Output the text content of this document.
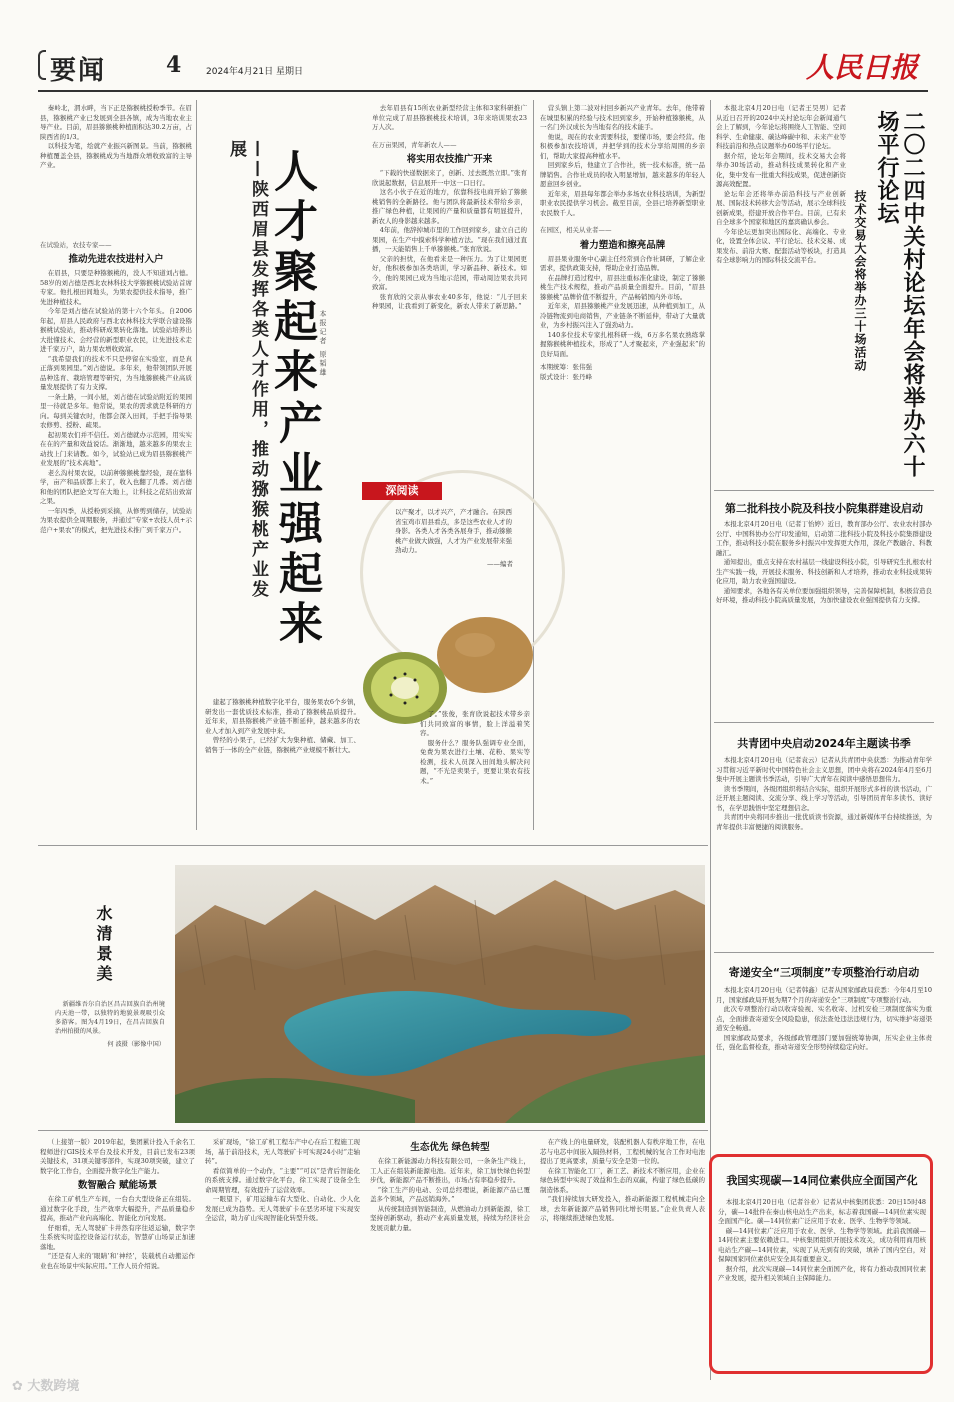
要闻	4	2024年4月21日 星期日	人民日报

秦岭北，渭水畔，当下正是猕猴桃授粉季节。在眉县，猕猴桃产业已发展到全县各镇，成为当地农业主导产业。目前，眉县猕猴桃种植面积达30.2万亩，占陕西省的1/3。

以科技为笔，绘就产业振兴新图景。当前，猕猴桃种植覆盖全县，猕猴桃成为当地群众增收致富的主导产业。

在试验站，农技专家——

推动先进农技进村入户

在眉县，只要是种猕猴桃的，没人不知道刘占德。58岁的刘占德是西北农林科技大学猕猴桃试验站首席专家。他扎根田间地头，为果农提供技术指导，推广先进种植技术。

今年是刘占德在试验站的第十六个年头。自2006年起，眉县人民政府与西北农林科技大学联合建设猕猴桃试验站，推动科研成果转化落地。试验站培养出大批懂技术、会经营的新型职业农民，让先进技术走进千家万户，助力果农增收致富。

“我希望我们的技术不只是停留在实验室，而是真正落到果园里。”刘占德说。多年来，他带领团队开展品种选育、栽培管理等研究，为当地猕猴桃产业高质量发展提供了有力支撑。

一条土路，一间小屋，刘占德在试验站附近的果园里一待就是多年。他常说，果农的需求就是科研的方向。每到关键农时，他都会深入田间，手把手指导果农修剪、授粉、疏果。

起初果农们并不信任。刘占德就办示范园，用实实在在的产量和效益说话。渐渐地，越来越多的果农主动找上门来请教。如今，试验站已成为眉县猕猴桃产业发展的“技术高地”。

老么沟村果农说，以前种猕猴桃靠经验，现在靠科学，亩产和品质都上来了，收入也翻了几番。刘占德和他的团队把论文写在大地上，让科技之花结出致富之果。

一年四季，从授粉到采摘，从修剪到储存，试验站为果农提供全周期服务，并通过“专家+农技人员+示范户+果农”的模式，把先进技术推广到千家万户。

人才聚起来
产业强起来
——陕西眉县发挥各类人才作用，推动猕猴桃产业发展
本报记者 原韬雄
深阅读
以产聚才，以才兴产，产才融合。在陕西省宝鸡市眉县看点，多是这些农业人才的身影。各类人才各类各展身手，推动猕猴桃产业做大做强，人才为产业发展带来强劲动力。
——编者

建起了猕猴桃种植数字化平台，服务果农6个乡镇，研发出一套优质技术标准，推动了猕猴桃品质提升。近年来，眉县猕猴桃产业链不断延伸，越来越多的农业人才加入到产业发展中来。

曾经的小果子，已经扩大为集种植、储藏、加工、销售于一体的全产业链，猕猴桃产业规模不断壮大。

去年眉县有15所农业新型经营主体和3家科研推广单位完成了眉县猕猴桃技术培训，3年来培训果农23万人次。

在万亩果园，青年新农人——

将实用农技推广开来

“下载的快递数据来了，创新、过去既然立即。”张育欣说起数据，信息展开一中这一口日行。

这名小伙子在近的地方，依靠科技电商开始了猕猴桃销售的全新路径。他与团队将最新技术带给乡亲，推广绿色种植，让果园的产量和质量都有明显提升，新农人的身影越来越多。

4年前，他辞掉城市里的工作回到家乡，建立自己的果园，在生产中摸索科学种植方法。“现在我们通过直播，一天能销售上千单猕猴桃。”张育欣说。

父亲的担忧，在他看来是一种压力。为了让果园更好，他积极参加各类培训，学习新品种、新技术。如今，他的果园已成为当地示范园，带动周边果农共同致富。

张育欣的父亲从事农业40多年，他说：“儿子回来种果园，让我看到了新变化，新农人带来了新思路。”

了。”张俊，张育欣说起技术带乡亲们共同致富的事情，脸上洋溢着笑容。

服务什么？服务队强调专业全面，免费为果农进行土壤、花粉、果实等检测，技术人员深入田间地头解决问题，“不光是卖果子，更要让果农有技术。”

营头镇上第二波对村回乡新兴产业青年。去年，他带着在城里积累的经验与技术回到家乡，开始种植猕猴桃，从一名门外汉成长为当地有名的技术能手。

他说，现在的农业需要科技，要懂市场，要会经营。他积极参加农技培训，并把学到的技术分享给周围的乡亲们，帮助大家提高种植水平。

回到家乡后，他建立了合作社，统一技术标准，统一品牌销售。合作社成员的收入明显增加，越来越多的年轻人愿意回乡创业。

近年来，眉县每年都会举办多场农业科技培训，为新型职业农民提供学习机会。截至目前，全县已培养新型职业农民数千人。

在园区，相关从业者——

着力塑造和擦亮品牌

眉县果业服务中心副主任经常到合作社调研，了解企业需求，提供政策支持，帮助企业打造品牌。

在品牌打造过程中，眉县注重标准化建设，制定了猕猴桃生产技术规程，推动产品质量全面提升。目前，“眉县猕猴桃”品牌价值不断提升，产品畅销国内外市场。

近年来，眉县猕猴桃产业发展迅速，从种植到加工，从冷链物流到电商销售，产业链条不断延伸，带动了大量就业，为乡村振兴注入了强劲动力。

140多位技术专家扎根科研一线，6万多名果农熟练掌握猕猴桃种植技术，形成了“人才聚起来，产业强起来”的良好局面。

本期统筹：张伟强

版式设计：张丹峰

水清景美

新疆维吾尔自治区昌吉回族自治州境内天池一带，以独特的地貌景观吸引众多游客。图为4月19日，在昌吉回族自治州拍摄的风景。

何 波摄（影像中国）

（上接第一版）2019年起，集团累计投入千余名工程师进行GIS技术平台及技术开发，目前已发布23项关键技术，31项关键零部件，实现30项突破，建立了数字化工作台，全面提升数字化生产能力。

数智融合 赋能场景

在徐工矿机生产车间，一台台大型设备正在组装。通过数字化手段，生产效率大幅提升，产品质量稳步提高，推动产业向高端化、智能化方向发展。

仔细看，无人驾驶矿卡井然有序往返运输，数字孪生系统实时监控设备运行状态，智慧矿山场景正加速落地。

“还是有人来的‘眼睛’和‘神经’，装载机自动搬运作业也在场景中实际应用。”工作人员介绍说。

采矿现场，“徐工矿机工程车产中心在后工程施工现场，基于前沿技术，无人驾驶矿卡可实现24小时“走轴转”。

看似简单的一个动作，“主要”“可以”是背后智能化的系统支撑。通过数字化平台，徐工实现了设备全生命周期管理，有效提升了运营效率。

一眼望下，矿用运输车有大型化、自动化、少人化发展已成为趋势。无人驾驶矿卡在恶劣环境下实现安全运营，助力矿山实现智能化转型升级。

生态优先 绿色转型

在徐工新能源动力科技有限公司，一条条生产线上，工人正在组装新能源电池。近年来，徐工加快绿色转型步伐，新能源产品不断推出，市场占有率稳步提升。

“徐工生产的电动、公司总经理说，新能源产品已覆盖多个领域，产品远销海外。”

从传统制造到智能制造，从燃油动力到新能源，徐工坚持创新驱动，推动产业高质量发展，持续为经济社会发展贡献力量。

在产线上的电量研发，装配机器人有秩序地工作，在电芯与电芯中间嵌入隔热材料，工程机械的复合工作对电池提出了更高要求，质量与安全是第一位的。

在徐工智能化工厂，新工艺、新技术不断应用，企业在绿色转型中实现了效益和生态的双赢，构建了绿色低碳的制造体系。

“我们持续加大研发投入，推动新能源工程机械走向全球，去年新能源产品销售同比增长明显。”企业负责人表示，将继续推进绿色发展。

二〇二四中关村论坛年会将举办六十场平行论坛
技术交易大会将举办三十场活动

本报北京4月20日电（记者王昊男）记者从近日召开的2024中关村论坛年会新闻通气会上了解到，今年论坛将围绕人工智能、空间科学、生命健康、碳达峰碳中和、未来产业等科技前沿和热点议题举办60场平行论坛。

据介绍，论坛年会期间，技术交易大会将举办30场活动，推动科技成果转化和产业化，集中发布一批重大科技成果，促进创新资源高效配置。

论坛年会还将举办前沿科技与产业创新展、国际技术转移大会等活动，展示全球科技创新成果，搭建开放合作平台。目前，已有来自全球多个国家和地区的嘉宾确认参会。

今年论坛更加突出国际化、高端化、专业化，设置全体会议、平行论坛、技术交易、成果发布、前沿大赛、配套活动等板块，打造具有全球影响力的国际科技交流平台。

第二批科技小院及科技小院集群建设启动

本报北京4月20日电（记者丁怡婷）近日，教育部办公厅、农业农村部办公厅、中国科协办公厅印发通知，启动第二批科技小院及科技小院集群建设工作，推动科技小院在服务乡村振兴中发挥更大作用，深化产教融合、科教融汇。

通知提出，重点支持在农村基层一线建设科技小院，引导研究生扎根农村生产实践一线，开展技术服务、科技创新和人才培养，推动农业科技成果转化应用，助力农业强国建设。

通知要求，各地各有关单位要加强组织领导，完善保障机制，积极营造良好环境，推动科技小院高质量发展，为加快建设农业强国提供有力支撑。

共青团中央启动2024年主题读书季

本报北京4月20日电（记者袁云）记者从共青团中央获悉：为推动青年学习贯彻习近平新时代中国特色社会主义思想，团中央将在2024年4月至6月集中开展主题读书季活动，引导广大青年在阅读中感悟思想伟力。

读书季期间，各级团组织将结合实际，组织开展形式多样的读书活动，广泛开展主题阅读、交流分享、线上学习等活动，引导团员青年多读书、读好书，在学思践悟中坚定理想信念。

共青团中央将同步推出一批优质读书资源，通过新媒体平台持续推送，为青年提供丰富便捷的阅读服务。

寄递安全“三项制度”专项整治行动启动

本报北京4月20日电（记者韩鑫）记者从国家邮政局获悉：今年4月至10月，国家邮政局开展为期7个月的寄递安全“三项制度”专项整治行动。

此次专项整治行动以收寄验视、实名收寄、过机安检三项制度落实为重点，全面排查寄递安全风险隐患，依法查处违法违规行为，切实维护寄递渠道安全畅通。

国家邮政局要求，各级邮政管理部门要加强统筹协调，压实企业主体责任，强化监督检查，推动寄递安全形势持续稳定向好。

我国实现碳—14同位素供应全面国产化

本报北京4月20日电（记者谷业）记者从中核集团获悉：20日15时48分，碳—14批件在秦山核电站生产出来，标志着我国碳—14同位素实现全面国产化。碳—14同位素广泛应用于农业、医学、生物学等领域。

碳—14同位素广泛应用于农业、医学、生物学等领域。此前我国碳—14同位素主要依赖进口。中核集团组织开展技术攻关，成功利用商用核电站生产碳—14同位素，实现了从无到有的突破，填补了国内空白，对保障国家同位素供应安全具有重要意义。

据介绍，此次实现碳—14同位素全面国产化，将有力推动我国同位素产业发展，提升相关领域自主保障能力。

✿ 大数跨境
